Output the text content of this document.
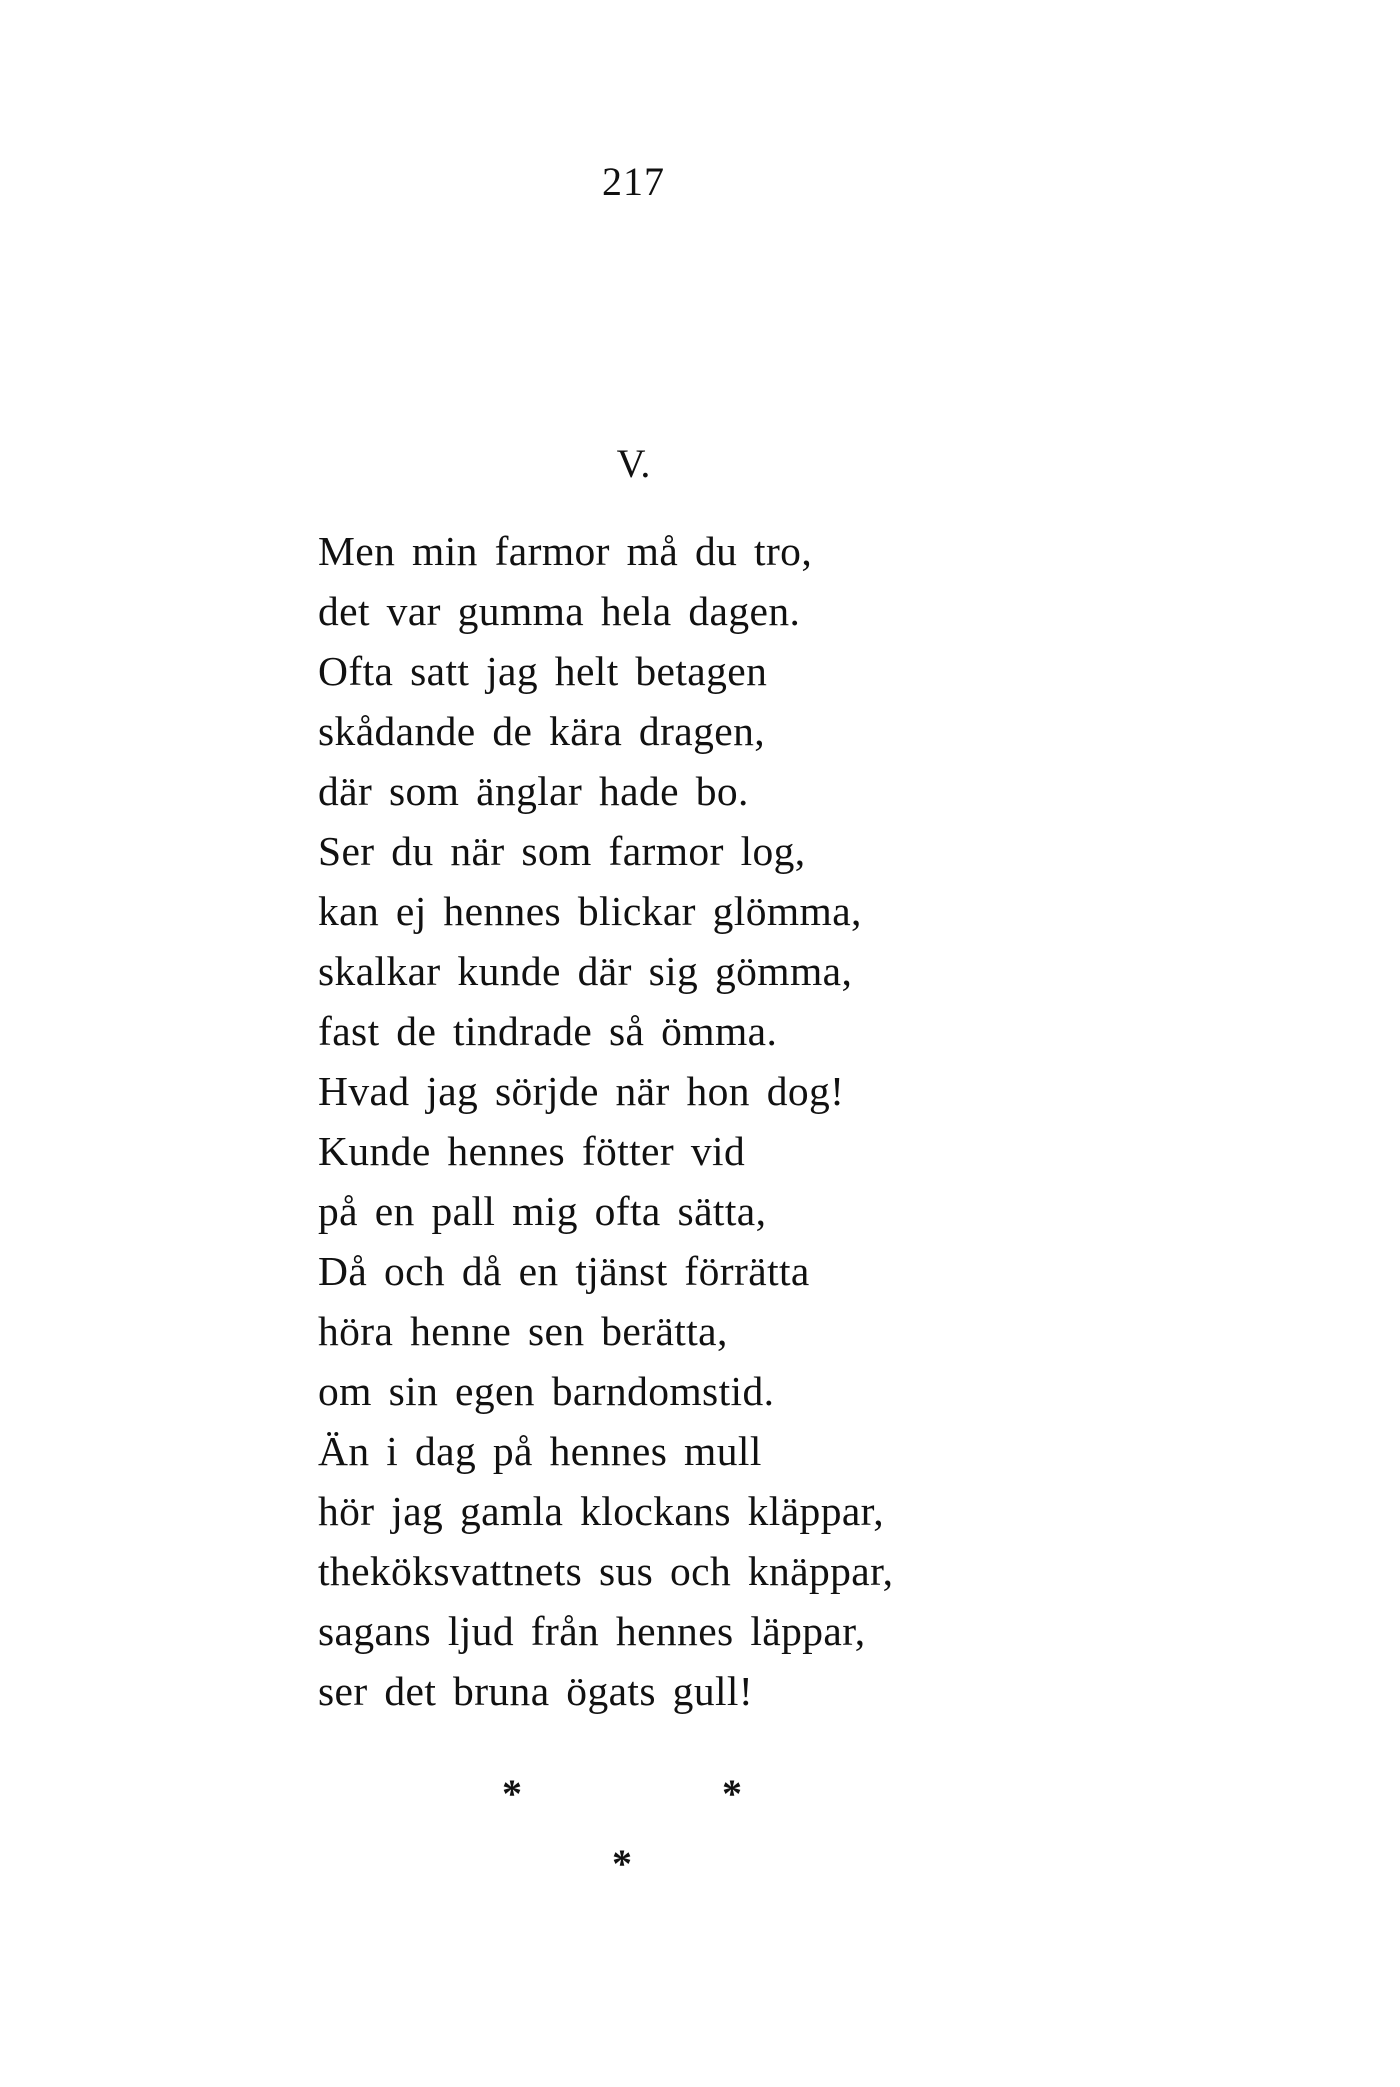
217
V.
Men min farmor må du tro,
det var gumma hela dagen.
Ofta satt jag helt betagen
skådande de kära dragen,
där som änglar hade bo.
Ser du när som farmor log,
kan ej hennes blickar glömma,
skalkar kunde där sig gömma,
fast de tindrade så ömma.
Hvad jag sörjde när hon dog!
Kunde hennes fötter vid
på en pall mig ofta sätta,
Då och då en tjänst förrätta
höra henne sen berätta,
om sin egen barndomstid.
Än i dag på hennes mull
hör jag gamla klockans kläppar,
theköksvattnets sus och knäppar,
sagans ljud från hennes läppar,
ser det bruna ögats gull!
*	*
*
